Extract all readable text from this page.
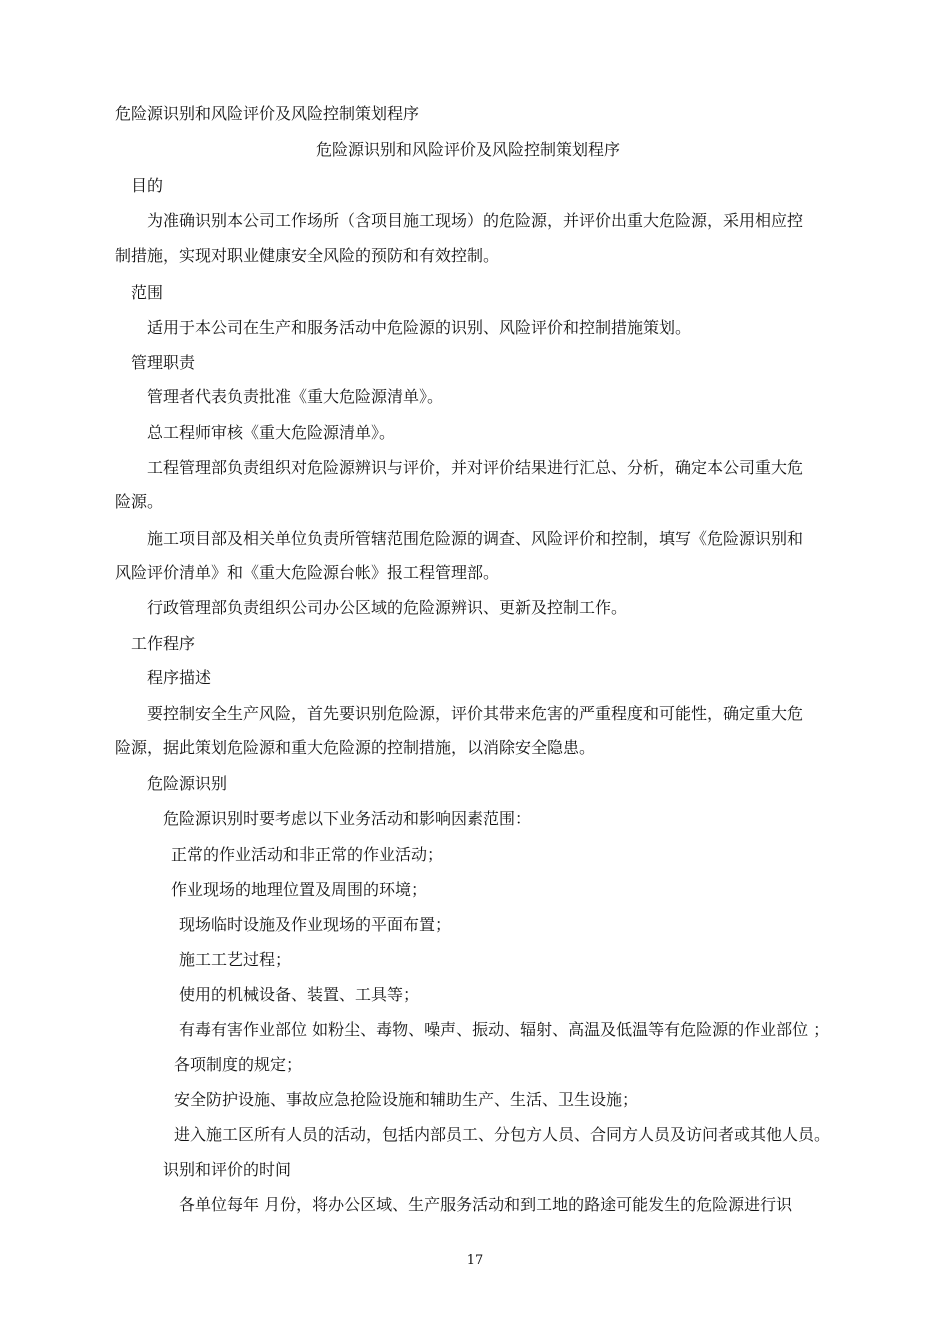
危险源识别和风险评价及风险控制策划程序
危险源识别和风险评价及风险控制策划程序
目的
为准确识别本公司工作场所（含项目施工现场）的危险源，并评价出重大危险源，采用相应控
制措施，实现对职业健康安全风险的预防和有效控制。
范围
适用于本公司在生产和服务活动中危险源的识别、风险评价和控制措施策划。
管理职责
管理者代表负责批准《重大危险源清单》。
总工程师审核《重大危险源清单》。
工程管理部负责组织对危险源辨识与评价，并对评价结果进行汇总、分析，确定本公司重大危
险源。
施工项目部及相关单位负责所管辖范围危险源的调查、风险评价和控制，填写《危险源识别和
风险评价清单》和《重大危险源台帐》报工程管理部。
行政管理部负责组织公司办公区域的危险源辨识、更新及控制工作。
工作程序
程序描述
要控制安全生产风险，首先要识别危险源，评价其带来危害的严重程度和可能性，确定重大危
险源，据此策划危险源和重大危险源的控制措施，以消除安全隐患。
危险源识别
危险源识别时要考虑以下业务活动和影响因素范围：
正常的作业活动和非正常的作业活动；
作业现场的地理位置及周围的环境；
现场临时设施及作业现场的平面布置；
施工工艺过程；
使用的机械设备、装置、工具等；
有毒有害作业部位 如粉尘、毒物、噪声、振动、辐射、高温及低温等有危险源的作业部位 ；
各项制度的规定；
安全防护设施、事故应急抢险设施和辅助生产、生活、卫生设施；
进入施工区所有人员的活动，包括内部员工、分包方人员、合同方人员及访问者或其他人员。
识别和评价的时间
各单位每年 月份，将办公区域、生产服务活动和到工地的路途可能发生的危险源进行识
17
